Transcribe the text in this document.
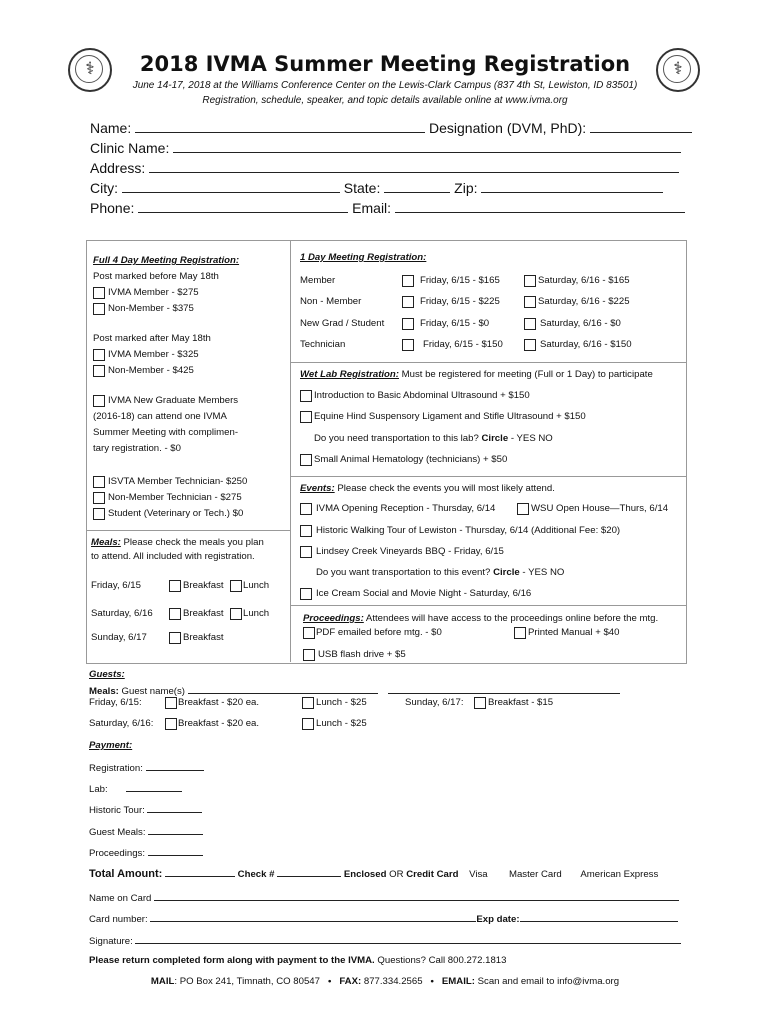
⚕	⚕
2018 IVMA Summer Meeting Registration
June 14-17, 2018 at the Williams Conference Center on the Lewis-Clark Campus (837 4th St, Lewiston, ID 83501)
Registration, schedule, speaker, and topic details available online at www.ivma.org
Name:	Designation (DVM, PhD):
Clinic Name:
Address:
City:	State:	Zip:
Phone:	Email:
Full 4 Day Meeting Registration:
Post marked before May 18th
IVMA Member - $275
Non-Member - $375
Post marked after May 18th
IVMA Member - $325
Non-Member - $425
IVMA New Graduate Members
(2016-18) can attend one IVMA
Summer Meeting with complimen-
tary registration. - $0
ISVTA Member Technician- $250
Non-Member Technician - $275
Student (Veterinary or Tech.) $0
Meals: Please check the meals you plan
to attend. All included with registration.
Friday, 6/15	Breakfast Lunch
Saturday, 6/16	Breakfast Lunch
Sunday, 6/17	Breakfast
1 Day Meeting Registration:
Member	Friday, 6/15 - $165	Saturday, 6/16 - $165
Non - Member	Friday, 6/15 - $225	Saturday, 6/16 - $225
New Grad / Student	Friday, 6/15 - $0	Saturday, 6/16 - $0
Technician	Friday, 6/15 - $150	Saturday, 6/16 - $150
Wet Lab Registration: Must be registered for meeting (Full or 1 Day) to participate
Introduction to Basic Abdominal Ultrasound + $150
Equine Hind Suspensory Ligament and Stifle Ultrasound + $150
Do you need transportation to this lab? Circle - YES NO
Small Animal Hematology (technicians) + $50
Events: Please check the events you will most likely attend.
IVMA Opening Reception - Thursday, 6/14	WSU Open House—Thurs, 6/14
Historic Walking Tour of Lewiston - Thursday, 6/14 (Additional Fee: $20)
Lindsey Creek Vineyards BBQ - Friday, 6/15
Do you want transportation to this event? Circle - YES NO
Ice Cream Social and Movie Night - Saturday, 6/16
Proceedings: Attendees will have access to the proceedings online before the mtg.
PDF emailed before mtg. - $0	Printed Manual + $40
USB flash drive + $5
Guests:
Meals: Guest name(s)
Friday, 6/15:	Breakfast - $20 ea.	Lunch - $25	Sunday, 6/17:	Breakfast - $15
Saturday, 6/16:	Breakfast - $20 ea.	Lunch - $25
Payment:
Registration:
Lab:
Historic Tour:
Guest Meals:
Proceedings:
Total Amount:	Check #	Enclosed OR Credit Card Visa Master Card American Express
Name on Card
Card number:	Exp date:
Signature:
Please return completed form along with payment to the IVMA. Questions? Call 800.272.1813
MAIL: PO Box 241, Timnath, CO 80547 • FAX: 877.334.2565 • EMAIL: Scan and email to info@ivma.org
